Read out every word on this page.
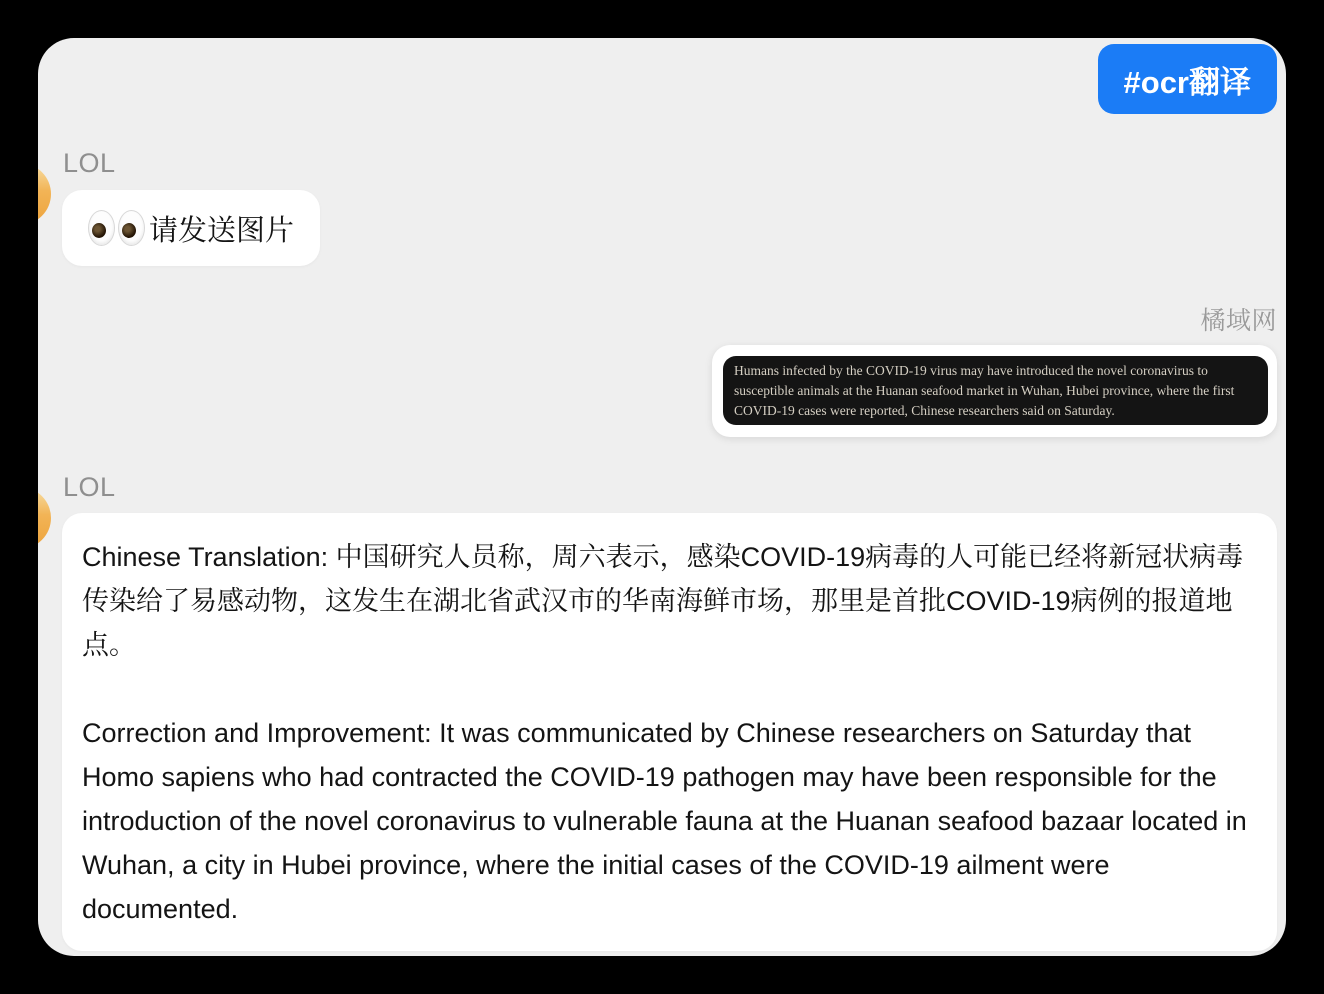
#ocr翻译
LOL
请发送图片
橘域网
Humans infected by the COVID-19 virus may have introduced the novel coronavirus to susceptible animals at the Huanan seafood market in Wuhan, Hubei province, where the first COVID-19 cases were reported, Chinese researchers said on Saturday.
LOL

Chinese Translation: 中国研究人员称，周六表示，感染COVID-19病毒的人可能已经将新冠状病毒传染给了易感动物，这发生在湖北省武汉市的华南海鲜市场，那里是首批COVID-19病例的报道地点。

Correction and Improvement: It was communicated by Chinese researchers on Saturday that Homo sapiens who had contracted the COVID-19 pathogen may have been responsible for the introduction of the novel coronavirus to vulnerable fauna at the Huanan seafood bazaar located in Wuhan, a city in Hubei province, where the initial cases of the COVID-19 ailment were documented.
